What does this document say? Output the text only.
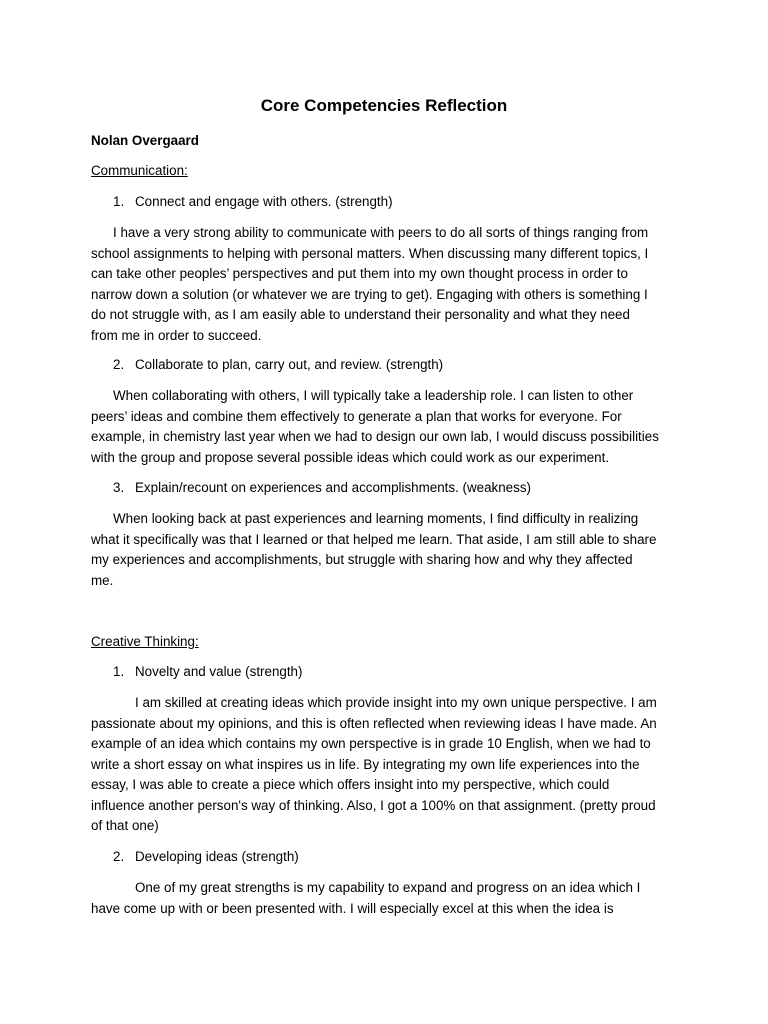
Core Competencies Reflection

Nolan Overgaard

Communication:

1. Connect and engage with others. (strength)

I have a very strong ability to communicate with peers to do all sorts of things ranging from
school assignments to helping with personal matters. When discussing many different topics, I
can take other peoples’ perspectives and put them into my own thought process in order to
narrow down a solution (or whatever we are trying to get). Engaging with others is something I
do not struggle with, as I am easily able to understand their personality and what they need
from me in order to succeed.

2. Collaborate to plan, carry out, and review. (strength)

When collaborating with others, I will typically take a leadership role. I can listen to other
peers’ ideas and combine them effectively to generate a plan that works for everyone. For
example, in chemistry last year when we had to design our own lab, I would discuss possibilities
with the group and propose several possible ideas which could work as our experiment.

3. Explain/recount on experiences and accomplishments. (weakness)

When looking back at past experiences and learning moments, I find difficulty in realizing
what it specifically was that I learned or that helped me learn. That aside, I am still able to share
my experiences and accomplishments, but struggle with sharing how and why they affected
me.

Creative Thinking:

1. Novelty and value (strength)

I am skilled at creating ideas which provide insight into my own unique perspective. I am
passionate about my opinions, and this is often reflected when reviewing ideas I have made. An
example of an idea which contains my own perspective is in grade 10 English, when we had to
write a short essay on what inspires us in life. By integrating my own life experiences into the
essay, I was able to create a piece which offers insight into my perspective, which could
influence another person's way of thinking. Also, I got a 100% on that assignment. (pretty proud
of that one)

2. Developing ideas (strength)

One of my great strengths is my capability to expand and progress on an idea which I
have come up with or been presented with. I will especially excel at this when the idea is
